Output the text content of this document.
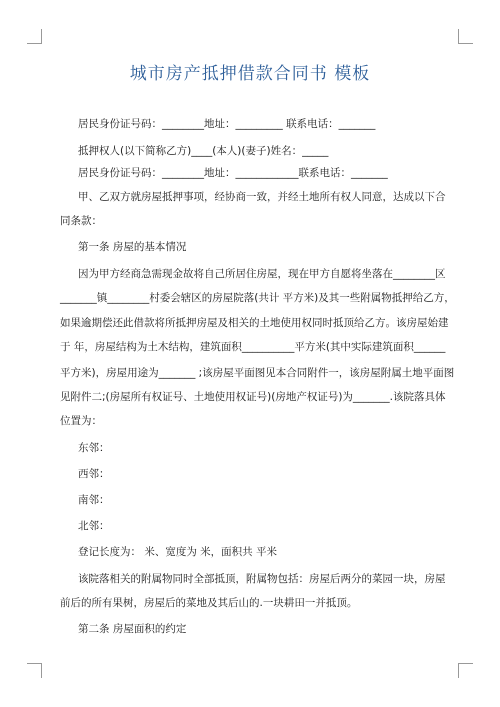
城市房产抵押借款合同书 模板
居民身份证号码：________地址：_________ 联系电话：_______
抵押权人(以下简称乙方)____(本人)(妻子)姓名：_____
居民身份证号码：________地址：____________联系电话：_______
甲、乙双方就房屋抵押事项，经协商一致，并经土地所有权人同意，达成以下合
同条款：
第一条 房屋的基本情况
因为甲方经商急需现金故将自己所居住房屋，现在甲方自愿将坐落在________区
_______镇________村委会辖区的房屋院落(共计 平方米)及其一些附属物抵押给乙方，
如果逾期偿还此借款将所抵押房屋及相关的土地使用权同时抵顶给乙方。该房屋始建
于 年，房屋结构为土木结构，建筑面积__________平方米(其中实际建筑面积______
平方米)，房屋用途为_______ ;该房屋平面图见本合同附件一，该房屋附属土地平面图
见附件二;(房屋所有权证号、土地使用权证号)(房地产权证号)为_______.该院落具体
位置为：
东邻：
西邻：
南邻：
北邻：
登记长度为： 米、宽度为 米，面积共 平米
该院落相关的附属物同时全部抵顶，附属物包括：房屋后两分的菜园一块，房屋
前后的所有果树，房屋后的菜地及其后山的.一块耕田一并抵顶。
第二条 房屋面积的约定
